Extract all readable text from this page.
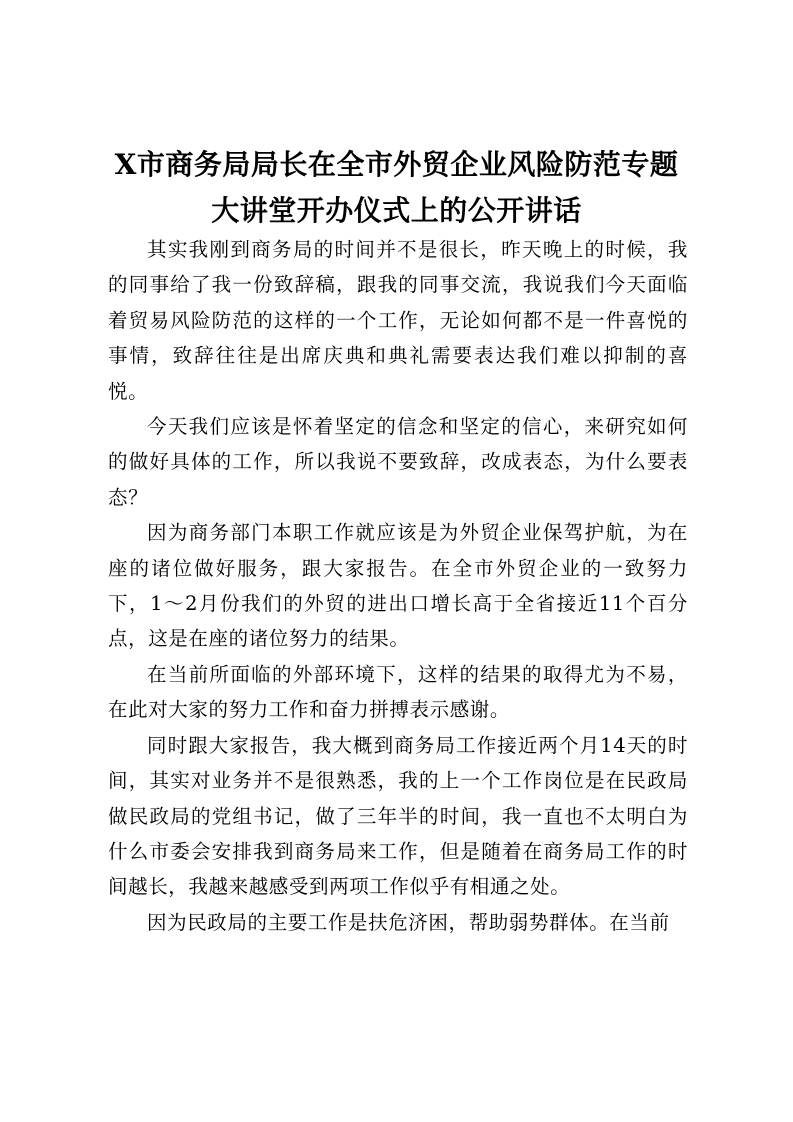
X市商务局局长在全市外贸企业风险防范专题
大讲堂开办仪式上的公开讲话

其实我刚到商务局的时间并不是很长，昨天晚上的时候，我的同事给了我一份致辞稿，跟我的同事交流，我说我们今天面临着贸易风险防范的这样的一个工作，无论如何都不是一件喜悦的事情，致辞往往是出席庆典和典礼需要表达我们难以抑制的喜悦。

今天我们应该是怀着坚定的信念和坚定的信心，来研究如何的做好具体的工作，所以我说不要致辞，改成表态，为什么要表态？

因为商务部门本职工作就应该是为外贸企业保驾护航，为在座的诸位做好服务，跟大家报告。在全市外贸企业的一致努力下，1～2月份我们的外贸的进出口增长高于全省接近11个百分点，这是在座的诸位努力的结果。

在当前所面临的外部环境下，这样的结果的取得尤为不易，在此对大家的努力工作和奋力拼搏表示感谢。

同时跟大家报告，我大概到商务局工作接近两个月14天的时间，其实对业务并不是很熟悉，我的上一个工作岗位是在民政局做民政局的党组书记，做了三年半的时间，我一直也不太明白为什么市委会安排我到商务局来工作，但是随着在商务局工作的时间越长，我越来越感受到两项工作似乎有相通之处。

因为民政局的主要工作是扶危济困，帮助弱势群体。在当前
